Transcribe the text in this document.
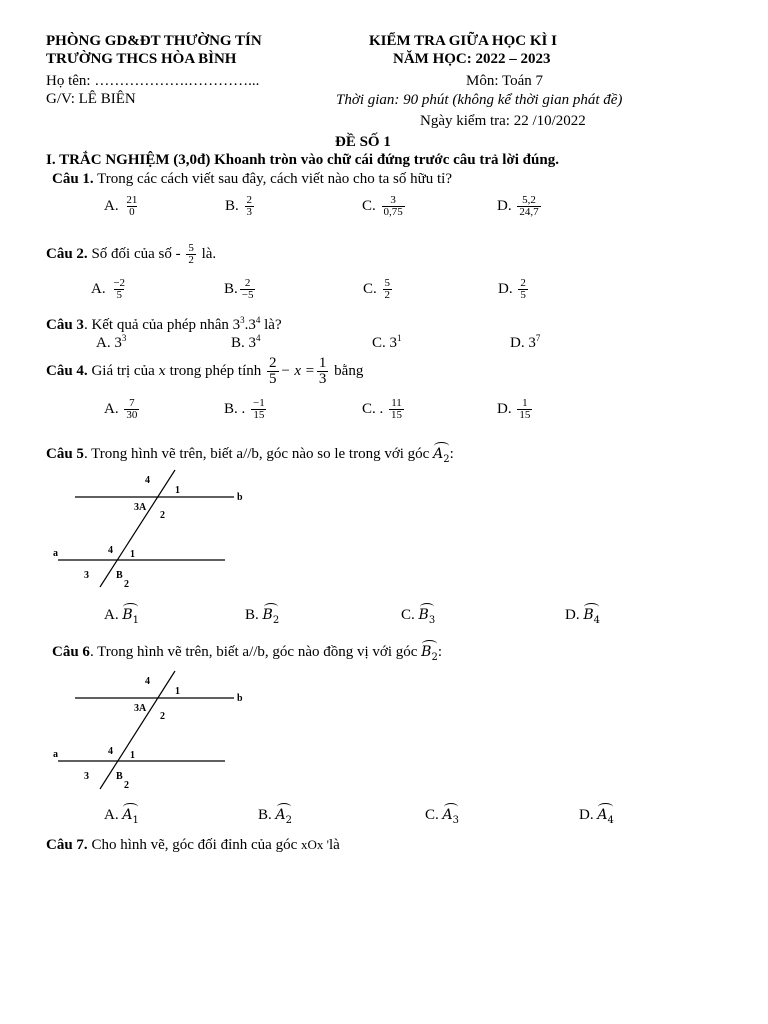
PHÒNG GD&ĐT THƯỜNG TÍN
TRƯỜNG THCS HÒA BÌNH
Họ tên: ……………….…………...
G/V: LÊ BIÊN
KIỂM TRA GIỮA HỌC KÌ I
NĂM HỌC: 2022 – 2023
Môn: Toán 7
Thời gian: 90 phút (không kể thời gian phát đề)
Ngày kiểm tra: 22 /10/2022
ĐỀ SỐ 1
I. TRẮC NGHIỆM (3,0đ) Khoanh tròn vào chữ cái đứng trước câu trả lời đúng.
Câu 1. Trong các cách viết sau đây, cách viết nào cho ta số hữu tỉ?
A. $\frac{21}{0}$	B. $\frac{2}{3}$	C. $\frac{3}{0,75}$	D. $\frac{5,2}{24,7}$
Câu 2. Số đối của số - $\frac{5}{2}$ là.
A. $\frac{-2}{5}$	B. $\frac{2}{-5}$	C. $\frac{5}{2}$	D. $\frac{2}{5}$
Câu 3. Kết quả của phép nhân $3^3.3^4$ là?
A. $3^3$	B. $3^4$	C. $3^1$	D. $3^7$
Câu 4. Giá trị của x trong phép tính $\frac{2}{5} - x = \frac{1}{3}$ bằng
A. $\frac{7}{30}$	B. . $\frac{-1}{15}$	C. . $\frac{11}{15}$	D. $\frac{1}{15}$
Câu 5. Trong hình vẽ trên, biết a//b, góc nào so le trong với góc $A_2$:
b
a
4
1
3A
2
4 1
3	B
2
A. $B_1$	B. $B_2$	C. $B_3$	D. $B_4$
Câu 6. Trong hình vẽ trên, biết a//b, góc nào đồng vị với góc $B_2$:
b
a
4
1
3A
2
4 1
3	B
2
A. $A_1$	B. $A_2$	C. $A_3$	D. $A_4$
Câu 7. Cho hình vẽ, góc đối đỉnh của góc xOx 'là
